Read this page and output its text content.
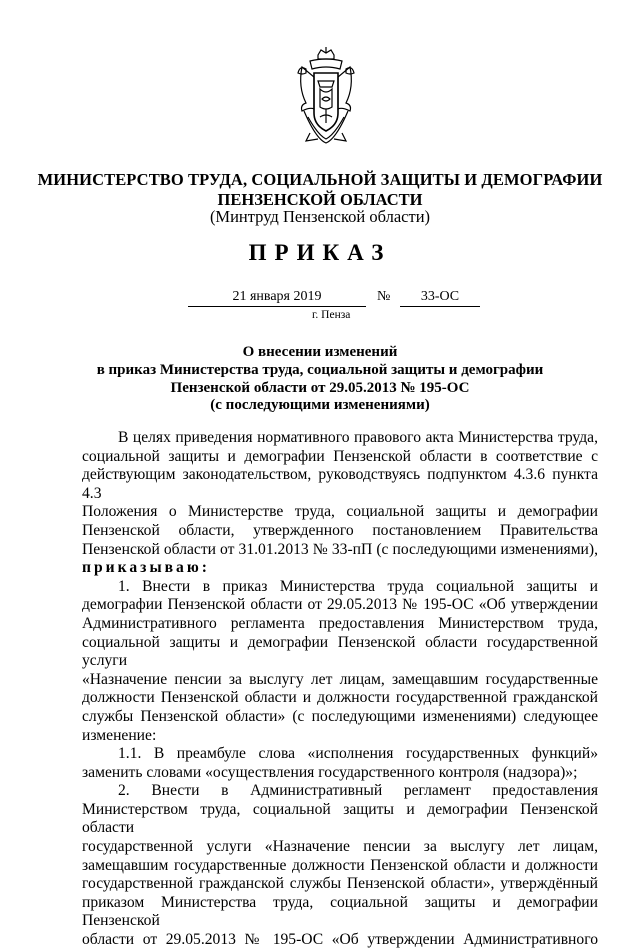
МИНИСТЕРСТВО ТРУДА, СОЦИАЛЬНОЙ ЗАЩИТЫ И ДЕМОГРАФИИ
ПЕНЗЕНСКОЙ ОБЛАСТИ
(Минтруд Пензенской области)
ПРИКАЗ
21 января 2019	№	33-ОС
г. Пенза
О внесении изменений
в приказ Министерства труда, социальной защиты и демографии
Пензенской области от 29.05.2013 № 195-ОС
(с последующими изменениями)

В целях приведения нормативного правового акта Министерства труда,

социальной защиты и демографии Пензенской области в соответствие с

действующим законодательством, руководствуясь подпунктом 4.3.6 пункта 4.3

Положения о Министерстве труда, социальной защиты и демографии

Пензенской области, утвержденного постановлением Правительства

Пензенской области от 31.01.2013 № 33-пП (с последующими изменениями),

приказываю:

1. Внести в приказ Министерства труда социальной защиты и

демографии Пензенской области от 29.05.2013 № 195-ОС «Об утверждении

Административного регламента предоставления Министерством труда,

социальной защиты и демографии Пензенской области государственной услуги

«Назначение пенсии за выслугу лет лицам, замещавшим государственные

должности Пензенской области и должности государственной гражданской

службы Пензенской области» (с последующими изменениями) следующее

изменение:

1.1. В преамбуле слова «исполнения государственных функций»

заменить словами «осуществления государственного контроля (надзора)»;

2. Внести в Административный регламент предоставления

Министерством труда, социальной защиты и демографии Пензенской области

государственной услуги «Назначение пенсии за выслугу лет лицам,

замещавшим государственные должности Пензенской области и должности

государственной гражданской службы Пензенской области», утверждённый

приказом Министерства труда, социальной защиты и демографии Пензенской

области от 29.05.2013 № 195-ОС «Об утверждении Административного
